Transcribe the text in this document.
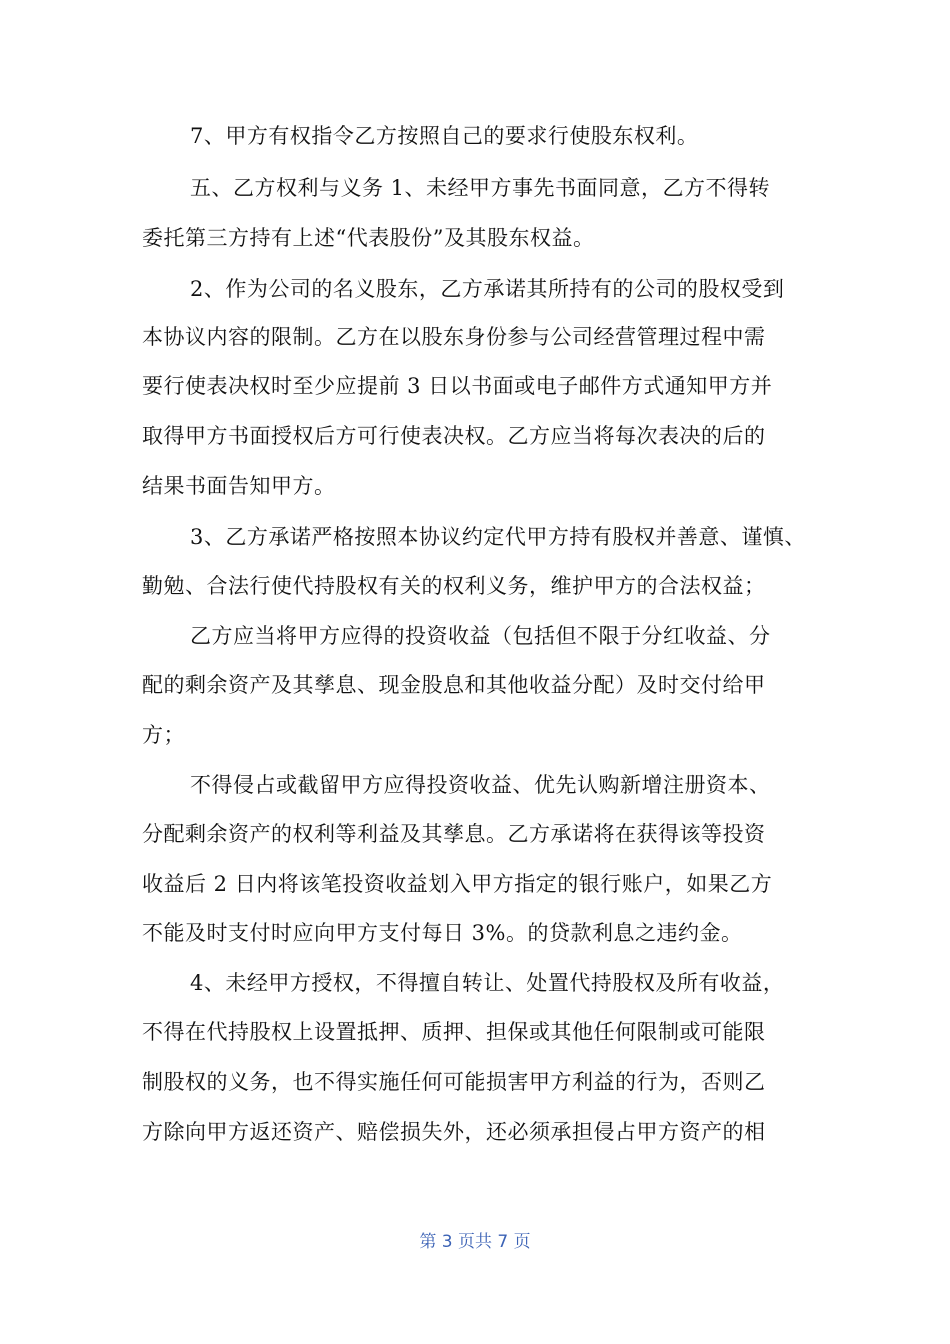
7、甲方有权指令乙方按照自己的要求行使股东权利。
五、乙方权利与义务 1、未经甲方事先书面同意，乙方不得转
委托第三方持有上述“代表股份”及其股东权益。
2、作为公司的名义股东，乙方承诺其所持有的公司的股权受到
本协议内容的限制。乙方在以股东身份参与公司经营管理过程中需
要行使表决权时至少应提前 3 日以书面或电子邮件方式通知甲方并
取得甲方书面授权后方可行使表决权。乙方应当将每次表决的后的
结果书面告知甲方。
3、乙方承诺严格按照本协议约定代甲方持有股权并善意、谨慎、
勤勉、合法行使代持股权有关的权利义务，维护甲方的合法权益；
乙方应当将甲方应得的投资收益（包括但不限于分红收益、分
配的剩余资产及其孳息、现金股息和其他收益分配）及时交付给甲
方；
不得侵占或截留甲方应得投资收益、优先认购新增注册资本、
分配剩余资产的权利等利益及其孳息。乙方承诺将在获得该等投资
收益后 2 日内将该笔投资收益划入甲方指定的银行账户，如果乙方
不能及时支付时应向甲方支付每日 3%。的贷款利息之违约金。
4、未经甲方授权，不得擅自转让、处置代持股权及所有收益，
不得在代持股权上设置抵押、质押、担保或其他任何限制或可能限
制股权的义务，也不得实施任何可能损害甲方利益的行为，否则乙
方除向甲方返还资产、赔偿损失外，还必须承担侵占甲方资产的相
第 3 页共 7 页
